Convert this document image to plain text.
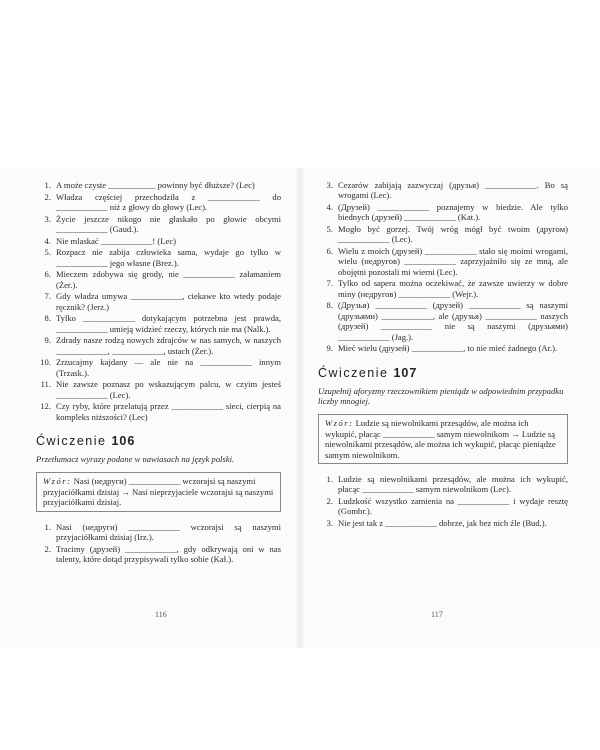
1. A może czyste ___________ powinny być dłuższe? (Lec)
2. Władza częściej przechodziła z ____________ do ____________ niż z głowy do głowy (Lec).
3. Życie jeszcze nikogo nie głaskało po głowie obcymi ____________ (Gaud.).
4. Nie mlaskać ____________! (Lec)
5. Rozpacz nie zabija człowieka sama, wydaje go tylko w ____________ jego własne (Brez.).
6. Mieczem zdobywa się grody, nie ____________ załamaniem (Żer.).
7. Gdy władza umywa ____________, ciekawe kto wtedy podaje ręcznik? (Jerz.)
8. Tylko ____________ dotykającym potrzebna jest prawda, ____________ umieją widzieć rzeczy, których nie ma (Nalk.).
9. Zdrady nasze rodzą nowych zdrajców w nas samych, w naszych ____________, ____________, ustach (Żer.).
10. Zrzucajmy kajdany — ale nie na ____________ innym (Trzask.).
11. Nie zawsze poznasz po wskazującym palcu, w czyim jesteś ____________ (Lec).
12. Czy ryby, które przelatują przez ____________ sieci, cierpią na kompleks niższości? (Lec)
Ćwiczenie 106
Przetłumacz wyrazy podane w nawiasach na język polski.
Wzór: Nasi (недруги) ____________ wczorajsi są naszymi przyjaciółkami dzisiaj → Nasi nieprzyjaciele wczorajsi są naszymi przyjaciółkami dzisiaj.
1. Nasi (недруги) ____________ wczorajsi są naszymi przyjaciółkami dzisiaj (Irz.).
2. Tracimy (друзей) ____________, gdy odkrywają oni w nas talenty, które dotąd przypisywali tylko sobie (Kał.).
3. Cezarów zabijają zazwyczaj (друзья) ____________. Bo są wrogami (Lec).
4. (Друзей) ____________ poznajemy w biedzie. Ale tylko biednych (друзей) ____________ (Kat.).
5. Mogło być gorzej. Twój wróg mógł być twoim (другом) ____________ (Lec).
6. Wielu z moich (друзей) ____________ stało się moimi wrogami, wielu (недругов) ____________ zaprzyjaźniło się ze mną, ale obojętni pozostali mi wierni (Lec).
7. Tylko od sapera można oczekiwać, że zawsze uwierzy w dobre miny (недругов) ____________ (Wejr.).
8. (Друзья) ____________ (друзей) ____________ są naszymi (друзьями) ____________, ale (друзья) ____________ naszych (друзей) ____________ nie są naszymi (друзьями) ____________ (Jag.).
9. Mieć wielu (друзей) ____________, to nie mieć żadnego (Ar.).
Ćwiczenie 107
Uzupełnij aforyzmy rzeczownikiem pieniądz w odpowiednim przypadku liczby mnogiej.
Wzór: Ludzie są niewolnikami przesądów, ale można ich wykupić, płacąc ____________ samym niewolnikom → Ludzie są niewolnikami przesądów, ale można ich wykupić, płacąc pieniądze samym niewolnikom.
1. Ludzie są niewolnikami przesądów, ale można ich wykupić, płacąc ____________ samym niewolnikom (Lec).
2. Ludzkość wszystko zamienia na ____________ i wydaje resztę (Gombr.).
3. Nie jest tak z ____________ dobrze, jak bez nich źle (Bud.).
116	117
